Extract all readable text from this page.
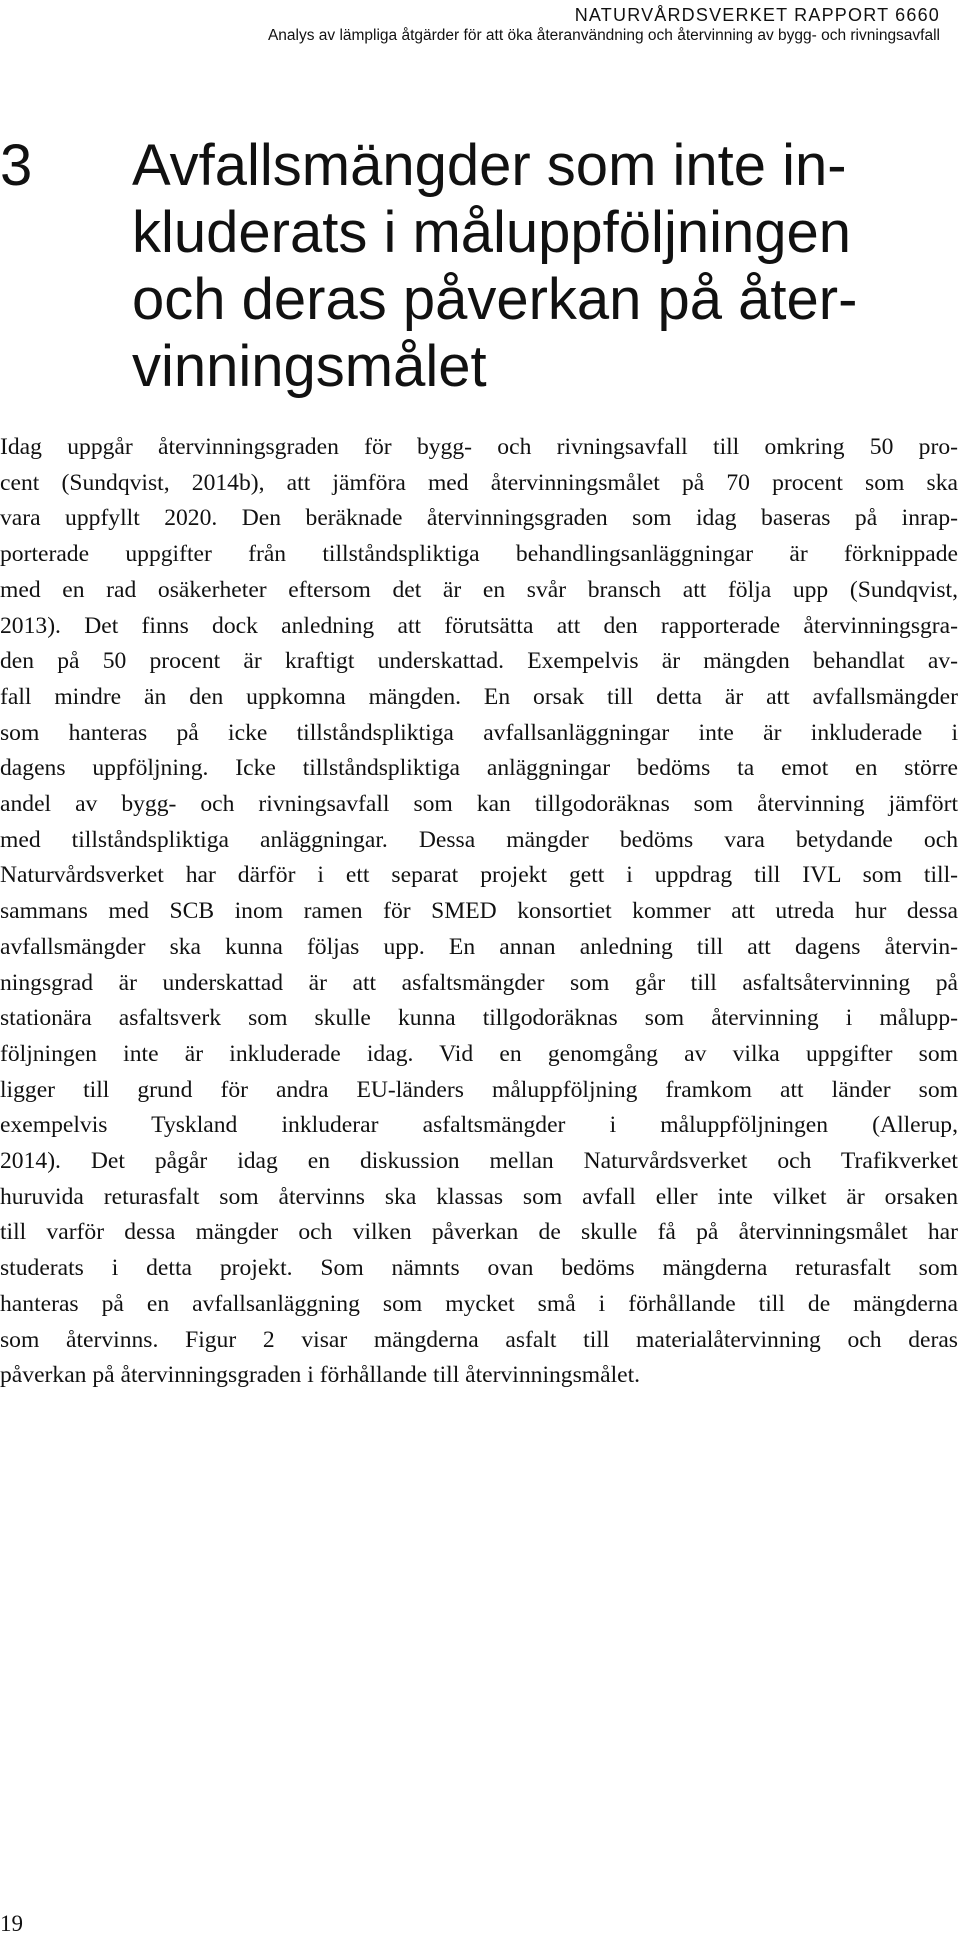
NATURVÅRDSVERKET RAPPORT 6660
Analys av lämpliga åtgärder för att öka återanvändning och återvinning av bygg- och rivningsavfall
3 Avfallsmängder som inte in-
kluderats i måluppföljningen
och deras påverkan på åter-
vinningsmålet
Idag uppgår återvinningsgraden för bygg- och rivningsavfall till omkring 50 pro-
cent (Sundqvist, 2014b), att jämföra med återvinningsmålet på 70 procent som ska
vara uppfyllt 2020. Den beräknade återvinningsgraden som idag baseras på inrap-
porterade uppgifter från tillståndspliktiga behandlingsanläggningar är förknippade
med en rad osäkerheter eftersom det är en svår bransch att följa upp (Sundqvist,
2013). Det finns dock anledning att förutsätta att den rapporterade återvinningsgra-
den på 50 procent är kraftigt underskattad. Exempelvis är mängden behandlat av-
fall mindre än den uppkomna mängden. En orsak till detta är att avfallsmängder
som hanteras på icke tillståndspliktiga avfallsanläggningar inte är inkluderade i
dagens uppföljning. Icke tillståndspliktiga anläggningar bedöms ta emot en större
andel av bygg- och rivningsavfall som kan tillgodoräknas som återvinning jämfört
med tillståndspliktiga anläggningar. Dessa mängder bedöms vara betydande och
Naturvårdsverket har därför i ett separat projekt gett i uppdrag till IVL som till-
sammans med SCB inom ramen för SMED konsortiet kommer att utreda hur dessa
avfallsmängder ska kunna följas upp. En annan anledning till att dagens återvin-
ningsgrad är underskattad är att asfaltsmängder som går till asfaltsåtervinning på
stationära asfaltsverk som skulle kunna tillgodoräknas som återvinning i målupp-
följningen inte är inkluderade idag. Vid en genomgång av vilka uppgifter som
ligger till grund för andra EU-länders måluppföljning framkom att länder som
exempelvis Tyskland inkluderar asfaltsmängder i måluppföljningen (Allerup,
2014). Det pågår idag en diskussion mellan Naturvårdsverket och Trafikverket
huruvida returasfalt som återvinns ska klassas som avfall eller inte vilket är orsaken
till varför dessa mängder och vilken påverkan de skulle få på återvinningsmålet har
studerats i detta projekt. Som nämnts ovan bedöms mängderna returasfalt som
hanteras på en avfallsanläggning som mycket små i förhållande till de mängderna
som återvinns. Figur 2 visar mängderna asfalt till materialåtervinning och deras
påverkan på återvinningsgraden i förhållande till återvinningsmålet.
19
